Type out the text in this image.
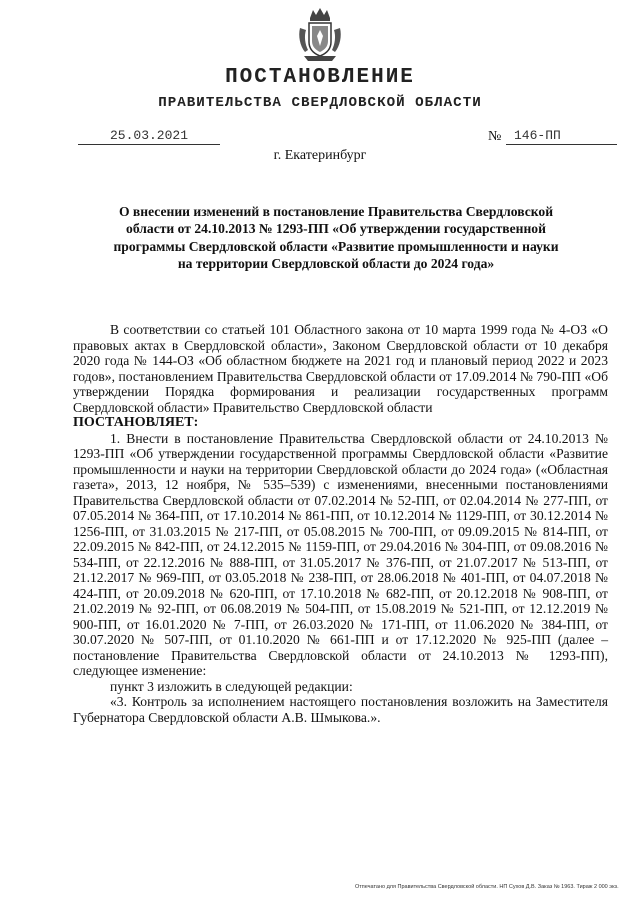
ПОСТАНОВЛЕНИЕ
ПРАВИТЕЛЬСТВА СВЕРДЛОВСКОЙ ОБЛАСТИ
25.03.2021	№ 146-ПП
г. Екатеринбург
О внесении изменений в постановление Правительства Свердловской области от 24.10.2013 № 1293-ПП «Об утверждении государственной программы Свердловской области «Развитие промышленности и науки на территории Свердловской области до 2024 года»

В соответствии со статьей 101 Областного закона от 10 марта 1999 года № 4-ОЗ «О правовых актах в Свердловской области», Законом Свердловской области от 10 декабря 2020 года № 144-ОЗ «Об областном бюджете на 2021 год и плановый период 2022 и 2023 годов», постановлением Правительства Свердловской области от 17.09.2014 № 790-ПП «Об утверждении Порядка формирования и реализации государственных программ Свердловской области» Правительство Свердловской области

ПОСТАНОВЛЯЕТ:

1. Внести в постановление Правительства Свердловской области от 24.10.2013 № 1293-ПП «Об утверждении государственной программы Свердловской области «Развитие промышленности и науки на территории Свердловской области до 2024 года» («Областная газета», 2013, 12 ноября, № 535–539) с изменениями, внесенными постановлениями Правительства Свердловской области от 07.02.2014 № 52-ПП, от 02.04.2014 № 277-ПП, от 07.05.2014 № 364-ПП, от 17.10.2014 № 861-ПП, от 10.12.2014 № 1129-ПП, от 30.12.2014 № 1256-ПП, от 31.03.2015 № 217-ПП, от 05.08.2015 № 700-ПП, от 09.09.2015 № 814-ПП, от 22.09.2015 № 842-ПП, от 24.12.2015 № 1159-ПП, от 29.04.2016 № 304-ПП, от 09.08.2016 № 534-ПП, от 22.12.2016 № 888-ПП, от 31.05.2017 № 376-ПП, от 21.07.2017 № 513-ПП, от 21.12.2017 № 969-ПП, от 03.05.2018 № 238-ПП, от 28.06.2018 № 401-ПП, от 04.07.2018 № 424-ПП, от 20.09.2018 № 620-ПП, от 17.10.2018 № 682-ПП, от 20.12.2018 № 908-ПП, от 21.02.2019 № 92-ПП, от 06.08.2019 № 504-ПП, от 15.08.2019 № 521-ПП, от 12.12.2019 № 900-ПП, от 16.01.2020 № 7-ПП, от 26.03.2020 № 171-ПП, от 11.06.2020 № 384-ПП, от 30.07.2020 № 507-ПП, от 01.10.2020 № 661-ПП и от 17.12.2020 № 925-ПП (далее – постановление Правительства Свердловской области от 24.10.2013 № 1293-ПП), следующее изменение:

пункт 3 изложить в следующей редакции:

«3. Контроль за исполнением настоящего постановления возложить на Заместителя Губернатора Свердловской области А.В. Шмыкова.».

Отпечатано для Правительства Свердловской области. НП Сухов Д.В. Заказ № 1963. Тираж 2 000 экз.
